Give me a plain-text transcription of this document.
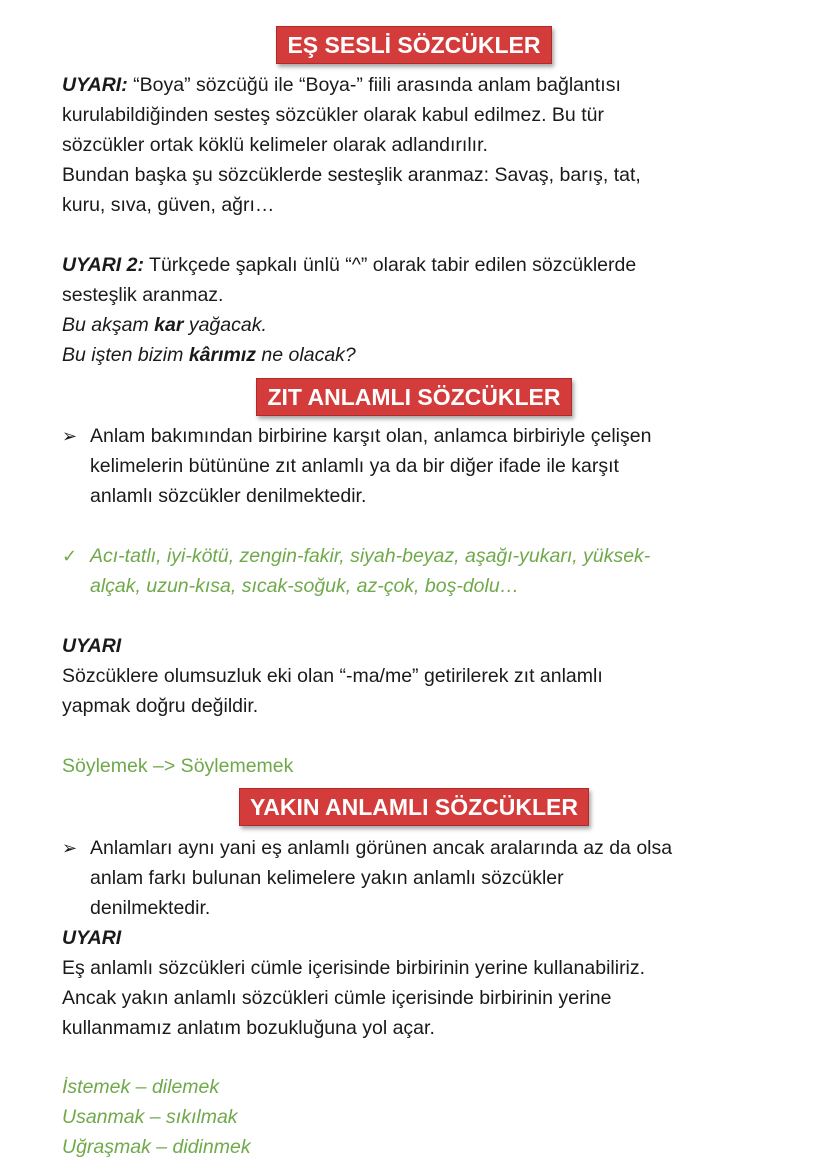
EŞ SESLİ SÖZCÜKLER
UYARI: “Boya” sözcüğü ile “Boya-” fiili arasında anlam bağlantısı
kurulabildiğinden sesteş sözcükler olarak kabul edilmez. Bu tür
sözcükler ortak köklü kelimeler olarak adlandırılır.
Bundan başka şu sözcüklerde sesteşlik aranmaz: Savaş, barış, tat,
kuru, sıva, güven, ağrı…
UYARI 2: Türkçede şapkalı ünlü “^” olarak tabir edilen sözcüklerde
sesteşlik aranmaz.
Bu akşam kar yağacak.
Bu işten bizim kârımız ne olacak?
ZIT ANLAMLI SÖZCÜKLER
➢ Anlam bakımından birbirine karşıt olan, anlamca birbiriyle çelişen
kelimelerin bütününe zıt anlamlı ya da bir diğer ifade ile karşıt
anlamlı sözcükler denilmektedir.
✓ Acı-tatlı, iyi-kötü, zengin-fakir, siyah-beyaz, aşağı-yukarı, yüksek-
alçak, uzun-kısa, sıcak-soğuk, az-çok, boş-dolu…
UYARI
Sözcüklere olumsuzluk eki olan “-ma/me” getirilerek zıt anlamlı
yapmak doğru değildir.
Söylemek –> Söylememek
YAKIN ANLAMLI SÖZCÜKLER
➢ Anlamları aynı yani eş anlamlı görünen ancak aralarında az da olsa
anlam farkı bulunan kelimelere yakın anlamlı sözcükler
denilmektedir.
UYARI
Eş anlamlı sözcükleri cümle içerisinde birbirinin yerine kullanabiliriz.
Ancak yakın anlamlı sözcükleri cümle içerisinde birbirinin yerine
kullanmamız anlatım bozukluğuna yol açar.
İstemek – dilemek
Usanmak – sıkılmak
Uğraşmak – didinmek
